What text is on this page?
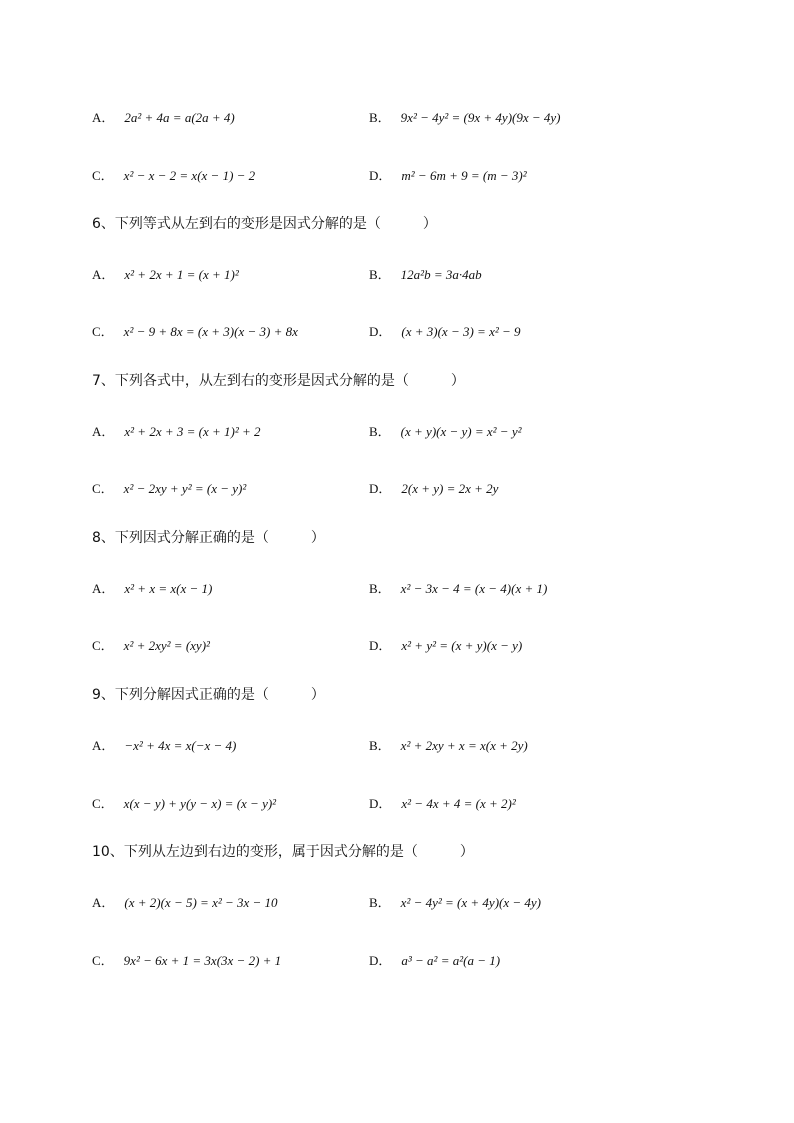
A． 2a² + 4a = a(2a + 4)	B． 9x² − 4y² = (9x + 4y)(9x − 4y)
C． x² − x − 2 = x(x − 1) − 2	D． m² − 6m + 9 = (m − 3)²
6、下列等式从左到右的变形是因式分解的是（　　　）
A． x² + 2x + 1 = (x + 1)²	B． 12a²b = 3a·4ab
C． x² − 9 + 8x = (x + 3)(x − 3) + 8x	D． (x + 3)(x − 3) = x² − 9
7、下列各式中，从左到右的变形是因式分解的是（　　　）
A． x² + 2x + 3 = (x + 1)² + 2	B． (x + y)(x − y) = x² − y²
C． x² − 2xy + y² = (x − y)²	D． 2(x + y) = 2x + 2y
8、下列因式分解正确的是（　　　）
A． x² + x = x(x − 1)	B． x² − 3x − 4 = (x − 4)(x + 1)
C． x² + 2xy² = (xy)²	D． x² + y² = (x + y)(x − y)
9、下列分解因式正确的是（　　　）
A． −x² + 4x = x(−x − 4)	B． x² + 2xy + x = x(x + 2y)
C． x(x − y) + y(y − x) = (x − y)²	D． x² − 4x + 4 = (x + 2)²
10、下列从左边到右边的变形，属于因式分解的是（　　　）
A． (x + 2)(x − 5) = x² − 3x − 10	B． x² − 4y² = (x + 4y)(x − 4y)
C． 9x² − 6x + 1 = 3x(3x − 2) + 1	D． a³ − a² = a²(a − 1)
